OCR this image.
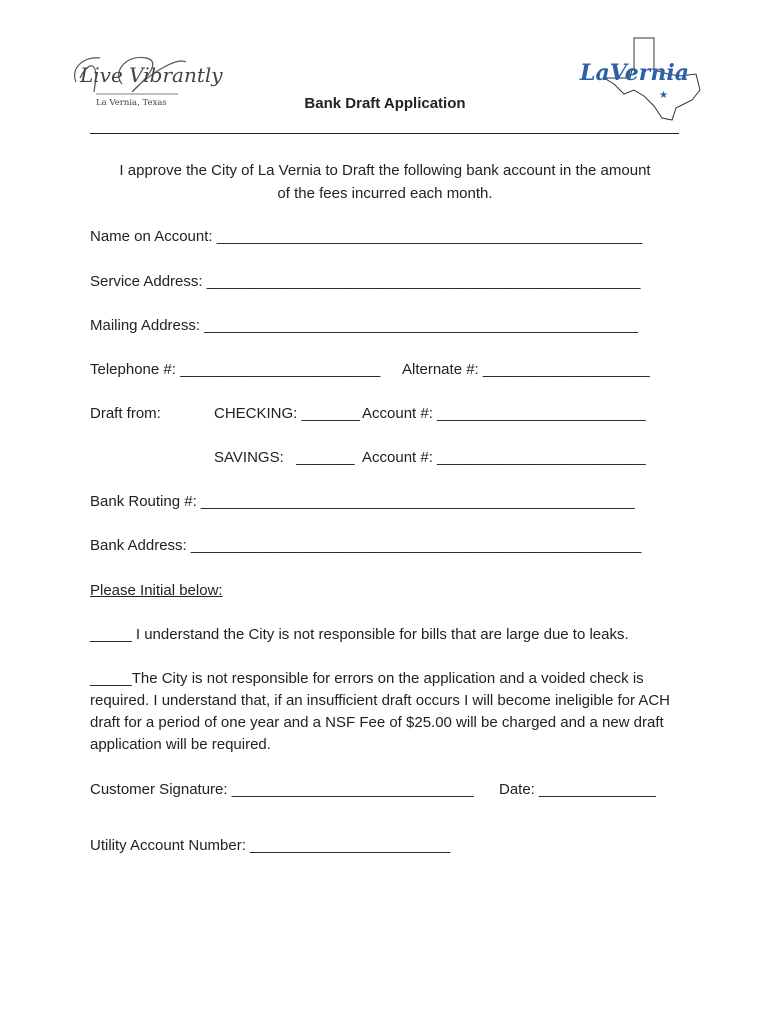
Live Vibrantly
La Vernia, Texas
LaVernia
★
Bank Draft Application
I approve the City of La Vernia to Draft the following bank account in the amount
of the fees incurred each month.
Name on Account: ___________________________________________________
Service Address: ____________________________________________________
Mailing Address: ____________________________________________________
Telephone #: ________________________ Alternate #: ____________________
Draft from:	CHECKING: _______ Account #: _________________________
SAVINGS:   _______ Account #: _________________________
Bank Routing #: ____________________________________________________
Bank Address: ______________________________________________________
Please Initial below:
_____ I understand the City is not responsible for bills that are large due to leaks.
_____The City is not responsible for errors on the application and a voided check is required. I understand that, if an insufficient draft occurs I will become ineligible for ACH draft for a period of one year and a NSF Fee of $25.00 will be charged and a new draft application will be required.
Customer Signature: _____________________________ Date: ______________
Utility Account Number: ________________________
